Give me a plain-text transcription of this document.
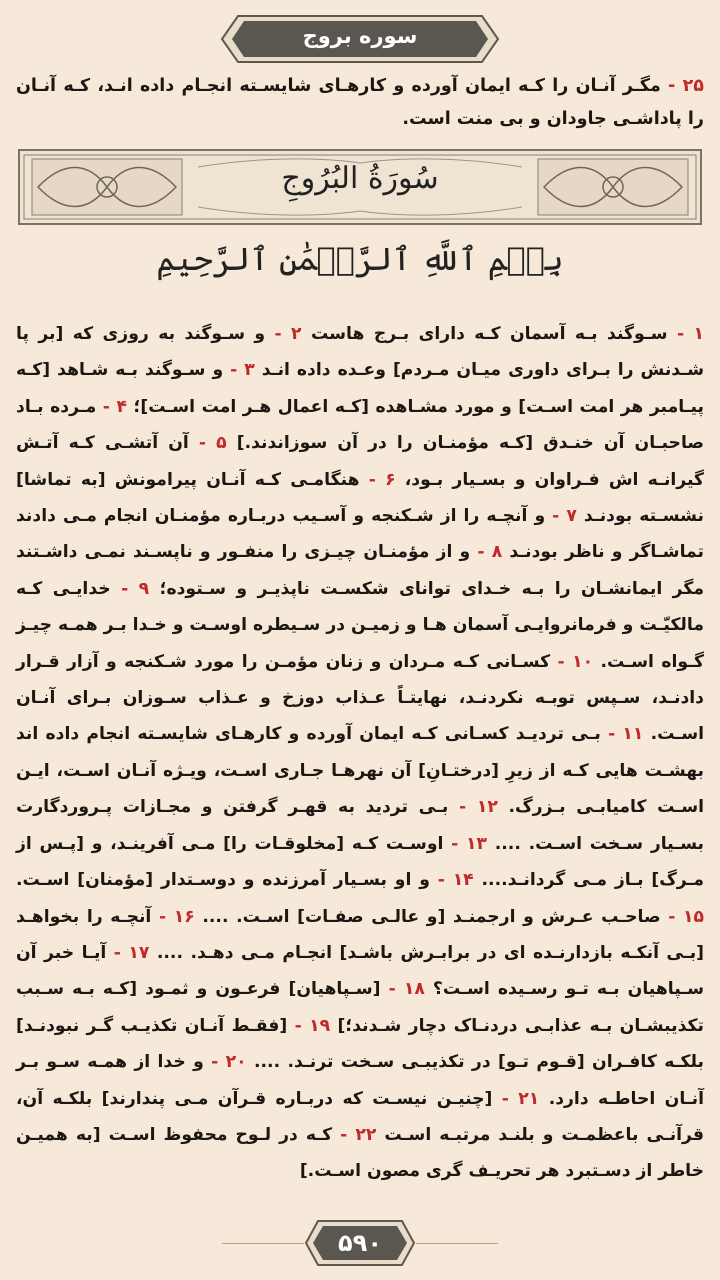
سوره بروج
۲۵ - مگـر آنـان را کـه ایمان آورده و کارهـای شایسـته انجـام داده انـد، کـه آنـان را پاداشـی جاودان و بی منت است.
سُورَةُ البُرُوجِ
بِسۡمِ ٱللَّهِ ٱلرَّحۡمَٰنِ ٱلرَّحِيمِ
۱ - سـوگند بـه آسمان کـه دارای بـرج هاست ۲ - و سـوگند به روزی که [بر پا شـدنش را بـرای داوری میـان مـردم] وعـده داده انـد ۳ - و سـوگند بـه شـاهد [کـه پیـامبر هر امت اسـت] و مورد مشـاهده [کـه اعمال هـر امت اسـت]؛ ۴ - مـرده بـاد صاحبـان آن خنـدق [کـه مؤمنـان را در آن سوزاندند.] ۵ - آن آتشـی کـه آتـش گیرانـه اش فـراوان و بسـیار بـود، ۶ - هنگامـی کـه آنـان پیرامونش [به تماشا] نشسـته بودنـد ۷ - و آنچـه را از شـکنجه و آسـیب دربـاره مؤمنـان انجام مـی دادند تماشـاگر و ناظر بودنـد ۸ - و از مؤمنـان چیـزی را منفـور و ناپسـند نمـی داشـتند مگر ایمانشـان را بـه خـدای توانای شکسـت ناپذیـر و سـتوده؛ ۹ - خدایـی کـه مالکیّـت و فرمانروایـی آسمان هـا و زمیـن در سـیطره اوسـت و خـدا بـر همـه چیـز گـواه اسـت. ۱۰ - کسـانی کـه مـردان و زنان مؤمـن را مورد شـکنجه و آزار قـرار دادنـد، سـپس توبـه نکردنـد، نهایتـاً عـذاب دوزخ و عـذاب سـوزان بـرای آنـان اسـت. ۱۱ - بـی تردیـد کسـانی کـه ایمان آورده و کارهـای شایسـته انجام داده اند بهشـت هایی کـه از زیرِ [درختـانِ] آن نهرهـا جـاری اسـت، ویـژه آنـان اسـت، ایـن اسـت کامیابـی بـزرگ. ۱۲ - بـی تردید به قهـر گرفتن و مجـازات پـروردگارت بسـیار سـخت اسـت. .... ۱۳ - اوسـت کـه [مخلوقـات را] مـی آفرینـد، و [پـس از مـرگ] بـاز مـی گردانـد.... ۱۴ - و او بسـیار آمرزنده و دوسـتدار [مؤمنان] اسـت. ۱۵ - صاحـب عـرش و ارجمنـد [و عالـی صفـات] اسـت. .... ۱۶ - آنچـه را بخواهـد [بـی آنکـه بازدارنـده ای در برابـرش باشـد] انجـام مـی دهـد. .... ۱۷ - آیـا خبر آن سـپاهیان بـه تـو رسـیده اسـت؟ ۱۸ - [سـپاهیان] فرعـون و ثمـود [کـه بـه سـبب تکذیبشـان بـه عذابـی دردنـاک دچار شـدند؛] ۱۹ - [فقـط آنـان تکذیـب گـر نبودنـد] بلکـه کافـران [قـوم تـو] در تکذیبـی سـخت ترنـد. .... ۲۰ - و خدا از همـه سـو بـر آنـان احاطـه دارد. ۲۱ - [چنیـن نیسـت که دربـاره قـرآن مـی پندارند] بلکـه آن، قرآنـی باعظمـت و بلنـد مرتبـه اسـت ۲۲ - کـه در لـوح محفوظ اسـت [به همیـن خاطر از دسـتبرد هر تحریـف گری مصون اسـت.]
۵۹۰
